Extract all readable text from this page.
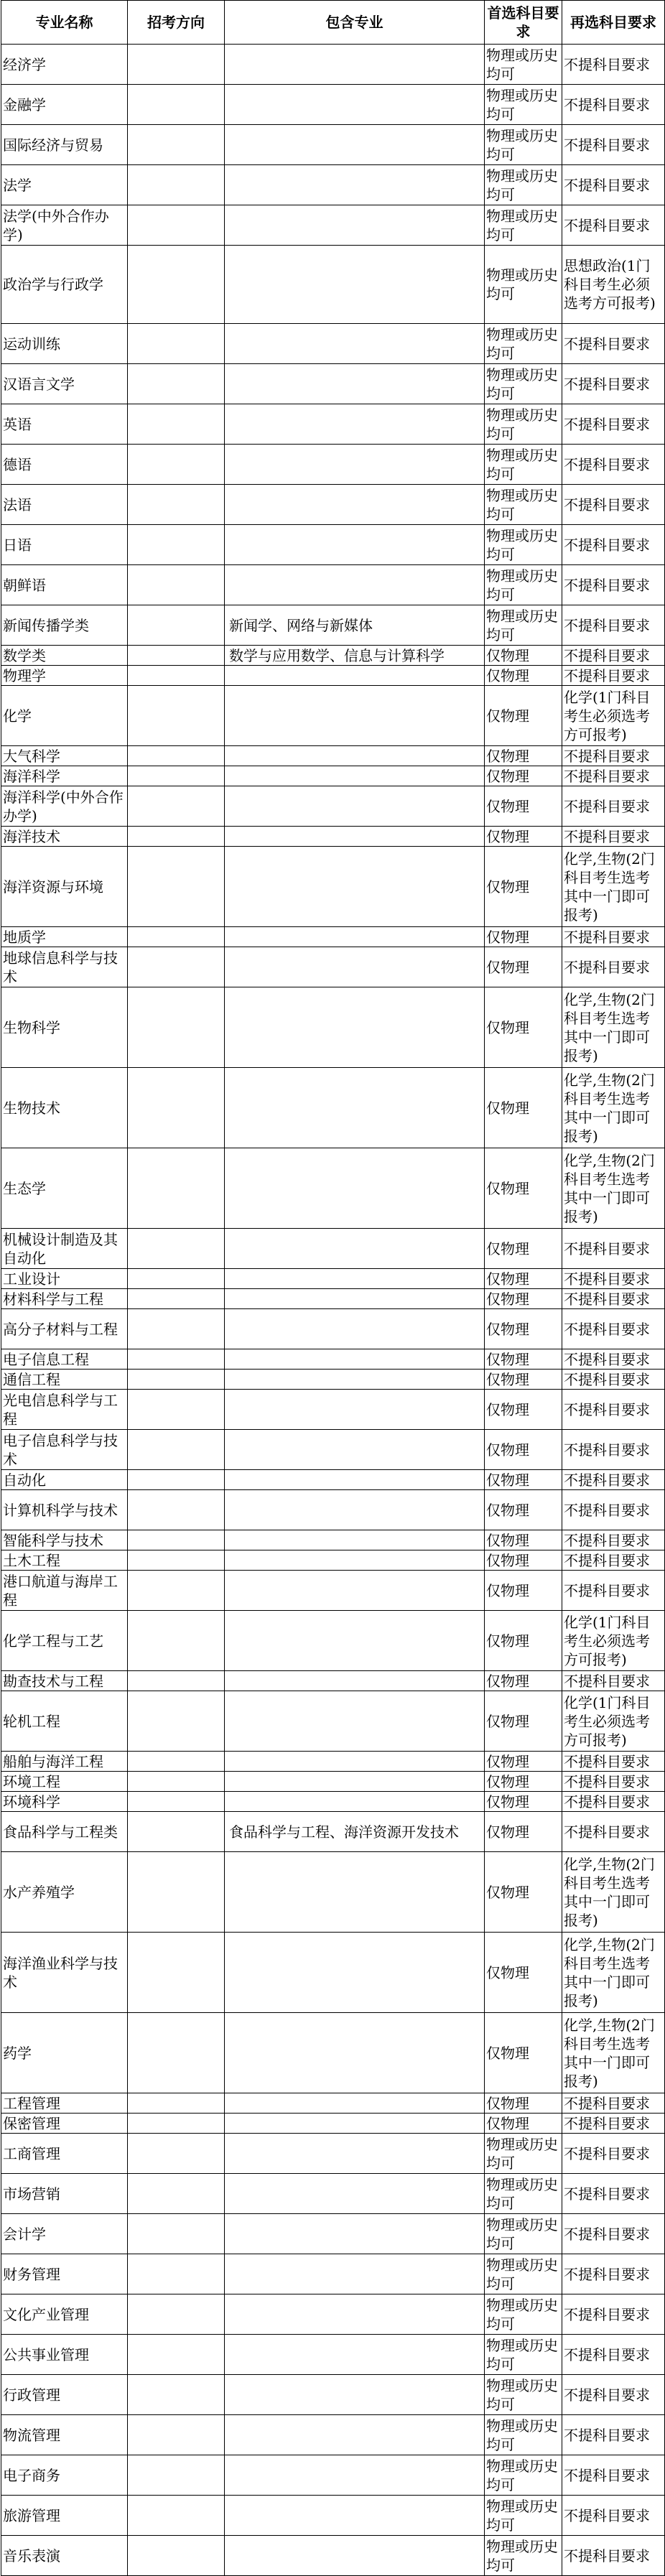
专业名称	招考方向	包含专业	首选科目要求	再选科目要求
经济学			物理或历史均可	不提科目要求
金融学			物理或历史均可	不提科目要求
国际经济与贸易			物理或历史均可	不提科目要求
法学			物理或历史均可	不提科目要求
法学(中外合作办学)			物理或历史均可	不提科目要求
政治学与行政学			物理或历史均可	思想政治(1门科目考生必须选考方可报考)
运动训练			物理或历史均可	不提科目要求
汉语言文学			物理或历史均可	不提科目要求
英语			物理或历史均可	不提科目要求
德语			物理或历史均可	不提科目要求
法语			物理或历史均可	不提科目要求
日语			物理或历史均可	不提科目要求
朝鲜语			物理或历史均可	不提科目要求
新闻传播学类		新闻学、网络与新媒体	物理或历史均可	不提科目要求
数学类		数学与应用数学、信息与计算科学	仅物理	不提科目要求
物理学			仅物理	不提科目要求
化学			仅物理	化学(1门科目考生必须选考方可报考)
大气科学			仅物理	不提科目要求
海洋科学			仅物理	不提科目要求
海洋科学(中外合作办学)			仅物理	不提科目要求
海洋技术			仅物理	不提科目要求
海洋资源与环境			仅物理	化学,生物(2门科目考生选考其中一门即可报考)
地质学			仅物理	不提科目要求
地球信息科学与技术			仅物理	不提科目要求
生物科学			仅物理	化学,生物(2门科目考生选考其中一门即可报考)
生物技术			仅物理	化学,生物(2门科目考生选考其中一门即可报考)
生态学			仅物理	化学,生物(2门科目考生选考其中一门即可报考)
机械设计制造及其自动化			仅物理	不提科目要求
工业设计			仅物理	不提科目要求
材料科学与工程			仅物理	不提科目要求
高分子材料与工程			仅物理	不提科目要求
电子信息工程			仅物理	不提科目要求
通信工程			仅物理	不提科目要求
光电信息科学与工程			仅物理	不提科目要求
电子信息科学与技术			仅物理	不提科目要求
自动化			仅物理	不提科目要求
计算机科学与技术			仅物理	不提科目要求
智能科学与技术			仅物理	不提科目要求
土木工程			仅物理	不提科目要求
港口航道与海岸工程			仅物理	不提科目要求
化学工程与工艺			仅物理	化学(1门科目考生必须选考方可报考)
勘查技术与工程			仅物理	不提科目要求
轮机工程			仅物理	化学(1门科目考生必须选考方可报考)
船舶与海洋工程			仅物理	不提科目要求
环境工程			仅物理	不提科目要求
环境科学			仅物理	不提科目要求
食品科学与工程类		食品科学与工程、海洋资源开发技术	仅物理	不提科目要求
水产养殖学			仅物理	化学,生物(2门科目考生选考其中一门即可报考)
海洋渔业科学与技术			仅物理	化学,生物(2门科目考生选考其中一门即可报考)
药学			仅物理	化学,生物(2门科目考生选考其中一门即可报考)
工程管理			仅物理	不提科目要求
保密管理			仅物理	不提科目要求
工商管理			物理或历史均可	不提科目要求
市场营销			物理或历史均可	不提科目要求
会计学			物理或历史均可	不提科目要求
财务管理			物理或历史均可	不提科目要求
文化产业管理			物理或历史均可	不提科目要求
公共事业管理			物理或历史均可	不提科目要求
行政管理			物理或历史均可	不提科目要求
物流管理			物理或历史均可	不提科目要求
电子商务			物理或历史均可	不提科目要求
旅游管理			物理或历史均可	不提科目要求
音乐表演			物理或历史均可	不提科目要求
